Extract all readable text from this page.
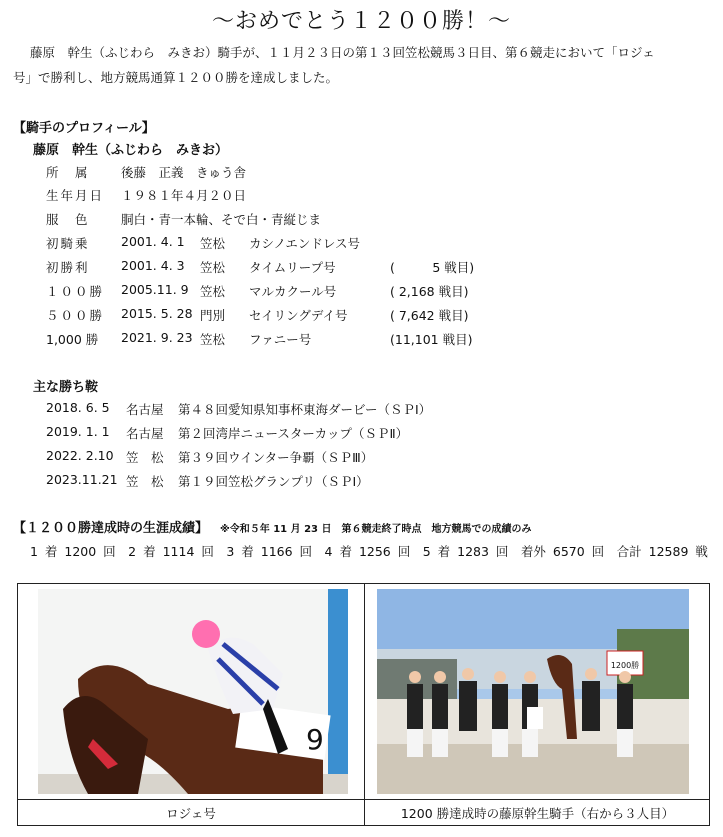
～おめでとう１２００勝！～
藤原　幹生（ふじわら　みきお）騎手が、１１月２３日の第１３回笠松競馬３日目、第６競走において「ロジェ
号」で勝利し、地方競馬通算１２００勝を達成しました。
【騎手のプロフィール】
藤原　幹生（ふじわら　みきお）
所　属	後藤　正義　きゅう舎
生年月日 １９８１年４月２０日
服　色	胴白・青一本輪、そで白・青縦じま
初騎乗	2001. 4. 1 笠松 カシノエンドレス号
初勝利	2001. 4. 3 笠松 タイムリープ号	(　　　5 戦目)
１００勝 2005.11. 9 笠松 マルカクール号	( 2,168 戦目)
５００勝 2015. 5. 28 門別 セイリングデイ号	( 7,642 戦目)
1,000 勝 2021. 9. 23 笠松 ファニー号	(11,101 戦目)
主な勝ち鞍
2018. 6. 5 名古屋 第４８回愛知県知事杯東海ダービー（ＳＰⅠ）
2019. 1. 1 名古屋 第２回湾岸ニュースターカップ（ＳＰⅡ）
2022. 2.10 笠　松 第３９回ウインター争覇（ＳＰⅢ）
2023.11.21 笠　松 第１９回笠松グランプリ（ＳＰⅠ）
【１２００勝達成時の生涯成績】 ※令和５年 11 月 23 日　第６競走終了時点　地方競馬での成績のみ
1 着 1200 回　2 着 1114 回　3 着 1166 回　4 着 1256 回　5 着 1283 回　着外 6570 回　合計 12589 戦
9
1200勝
ロジェ号	1200 勝達成時の藤原幹生騎手（右から３人目）
